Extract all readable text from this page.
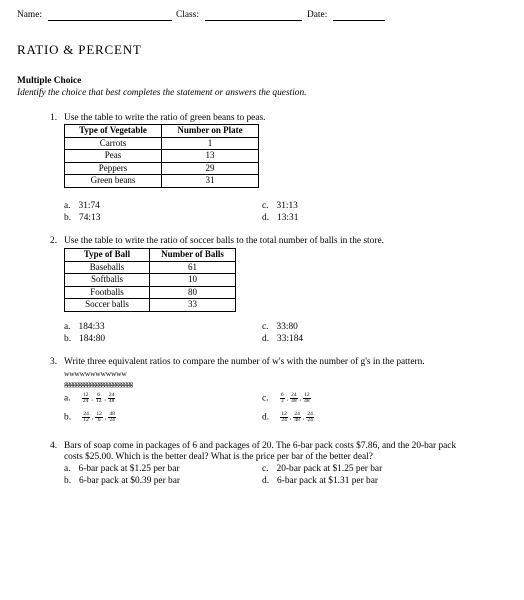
Name:	Class:	Date:
RATIO & PERCENT
Multiple Choice
Identify the choice that best completes the statement or answers the question.
1. Use the table to write the ratio of green beans to peas.
Type of Vegetable	Number on Plate
Carrots	1
Peas	13
Peppers	29
Green beans	31
a. 31:74
b. 74:13
c. 31:13
d. 13:31
2. Use the table to write the ratio of soccer balls to the total number of balls in the store.
Type of Ball	Number of Balls
Baseballs	61
Softballs	10
Footballs	80
Soccer balls	33
a. 184:33
b. 184:80
c. 33:80
d. 33:184
3. Write three equivalent ratios to compare the number of w's with the number of g's in the pattern.
wwwwwwwwwwww
gggggggggggggggggggggggg
a. $\frac{12}{24}$ , $\frac{6}{12}$ , $\frac{24}{48}$
b. $\frac{24}{12}$ , $\frac{12}{6}$ , $\frac{48}{24}$
c. $\frac{6}{3}$ , $\frac{24}{48}$ , $\frac{12}{48}$
d. $\frac{12}{24}$ , $\frac{24}{48}$ , $\frac{24}{24}$
4. Bars of soap come in packages of 6 and packages of 20. The 6-bar pack costs $7.86, and the 20-bar pack
costs $25.00. Which is the better deal? What is the price per bar of the better deal?
a. 6-bar pack at $1.25 per bar
b. 6-bar pack at $0.39 per bar
c. 20-bar pack at $1.25 per bar
d. 6-bar pack at $1.31 per bar
